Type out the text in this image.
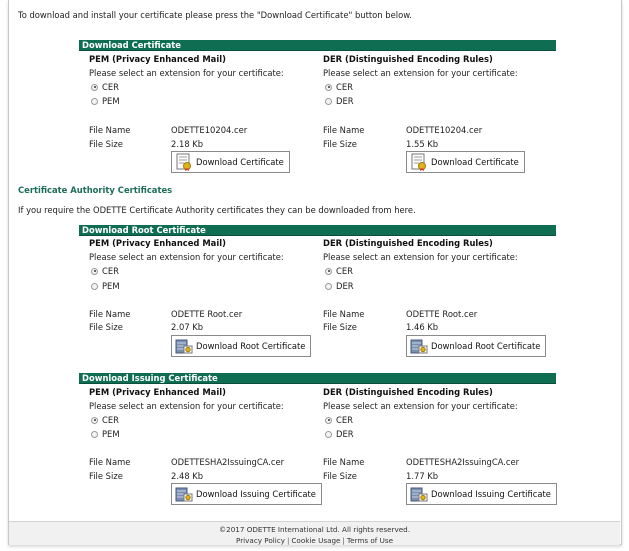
To download and install your certificate please press the "Download Certificate" button below.
Download Certificate
PEM (Privacy Enhanced Mail)
Please select an extension for your certificate:
CER
PEM
File Name	ODETTE10204.cer
File Size	2.18 Kb
Download Certificate
DER (Distinguished Encoding Rules)
Please select an extension for your certificate:
CER
DER
File Name	ODETTE10204.cer
File Size	1.55 Kb
Download Certificate
Certificate Authority Certificates
If you require the ODETTE Certificate Authority certificates they can be downloaded from here.
Download Root Certificate
PEM (Privacy Enhanced Mail)
Please select an extension for your certificate:
CER
PEM
File Name	ODETTE Root.cer
File Size	2.07 Kb
Download Root Certificate
DER (Distinguished Encoding Rules)
Please select an extension for your certificate:
CER
DER
File Name	ODETTE Root.cer
File Size	1.46 Kb
Download Root Certificate
Download Issuing Certificate
PEM (Privacy Enhanced Mail)
Please select an extension for your certificate:
CER
PEM
File Name	ODETTESHA2IssuingCA.cer
File Size	2.48 Kb
Download Issuing Certificate
DER (Distinguished Encoding Rules)
Please select an extension for your certificate:
CER
DER
File Name	ODETTESHA2IssuingCA.cer
File Size	1.77 Kb
Download Issuing Certificate
©2017 ODETTE International Ltd. All rights reserved.
Privacy Policy | Cookie Usage | Terms of Use
